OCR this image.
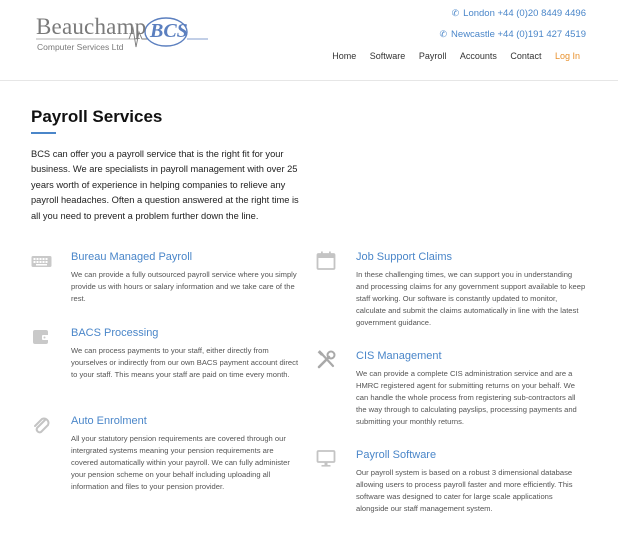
Beauchamp
Computer Services Ltd
BCS
✆ London +44 (0)20 8449 4496
✆ Newcastle +44 (0)191 427 4519
Home Software Payroll Accounts Contact Log In
Payroll Services

BCS can offer you a payroll service that is the right fit for your business. We are specialists in payroll management with over 25 years worth of experience in helping companies to relieve any payroll headaches. Often a question answered at the right time is all you need to prevent a problem further down the line.

Bureau Managed Payroll

We can provide a fully outsourced payroll service where you simply provide us with hours or salary information and we take care of the rest.

BACS Processing

We can process payments to your staff, either directly from yourselves or indirectly from our own BACS payment account direct to your staff. This means your staff are paid on time every month.

Auto Enrolment

All your statutory pension requirements are covered through our intergrated systems meaning your pension requirements are covered automatically within your payroll. We can fully administer your pension scheme on your behalf including uploading all information and files to your pension provider.

Job Support Claims

In these challenging times, we can support you in understanding and processing claims for any government support available to keep staff working. Our software is constantly updated to monitor, calculate and submit the claims automatically in line with the latest government guidance.

CIS Management

We can provide a complete CIS administration service and are a HMRC registered agent for submitting returns on your behalf. We can handle the whole process from registering sub-contractors all the way through to calculating payslips, processing payments and submitting your monthly returns.

Payroll Software

Our payroll system is based on a robust 3 dimensional database allowing users to process payroll faster and more efficiently. This software was designed to cater for large scale applications alongside our staff management system.
